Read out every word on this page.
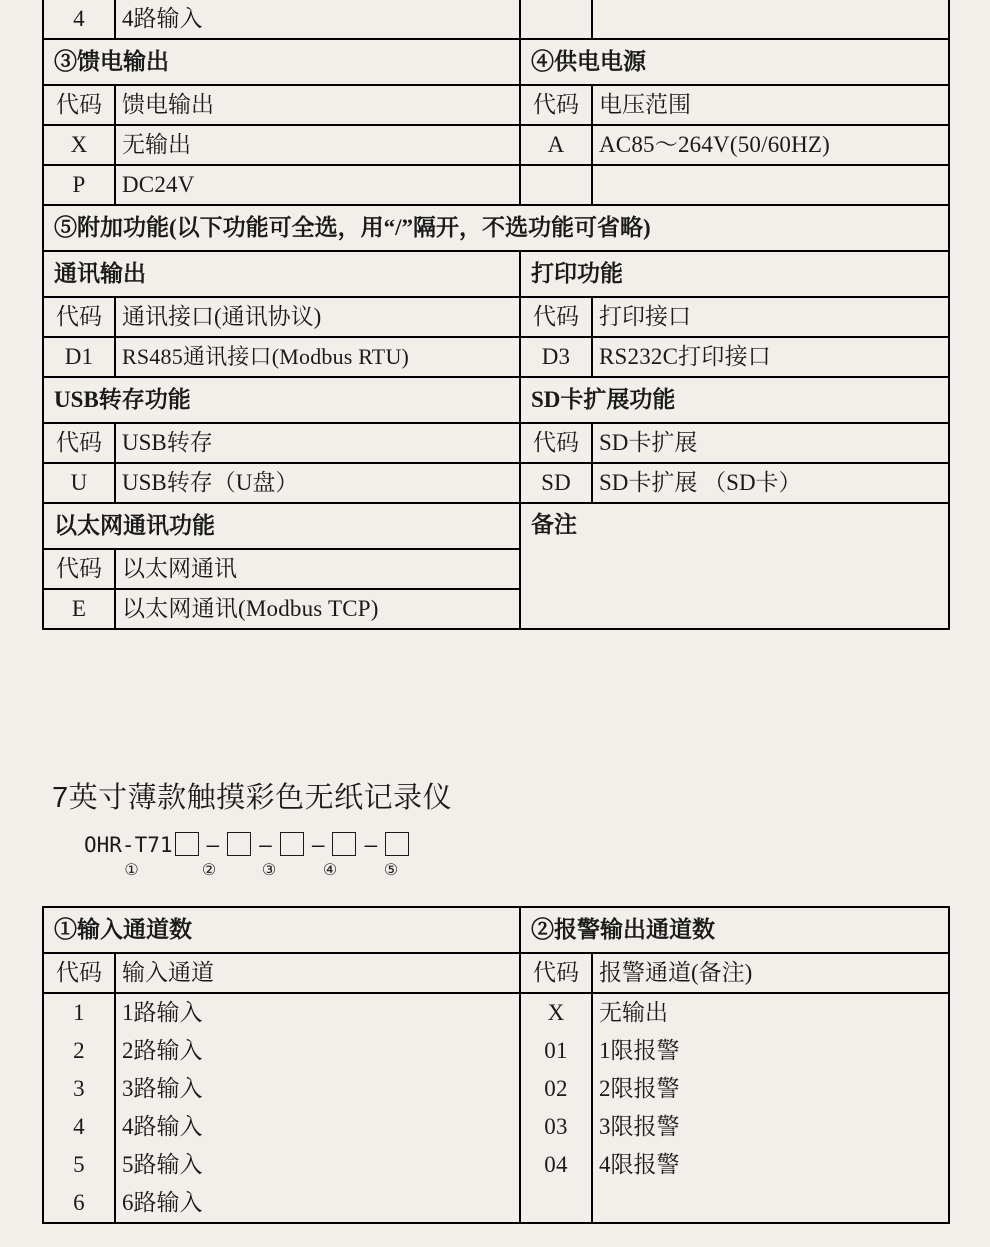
4	4路输入		
③馈电输出		④供电电源	
代码	馈电输出	代码	电压范围
X	无输出	A	AC85～264V(50/60HZ)
P	DC24V		
⑤附加功能(以下功能可全选，用“/”隔开，不选功能可省略)			
通讯输出		打印功能	
代码	通讯接口(通讯协议)	代码	打印接口
D1	RS485通讯接口(Modbus RTU)	D3	RS232C打印接口
USB转存功能		SD卡扩展功能	
代码	USB转存	代码	SD卡扩展
U	USB转存（U盘）	SD	SD卡扩展 （SD卡）
以太网通讯功能		备注	
代码	以太网通讯		
E	以太网通讯(Modbus TCP)		
7英寸薄款触摸彩色无纸记录仪
OHR-T71 – – – –
①	②	③	④	⑤
①输入通道数		②报警输出通道数	
代码	输入通道	代码	报警通道(备注)
1	1路输入	X	无输出
2	2路输入	01	1限报警
3	3路输入	02	2限报警
4	4路输入	03	3限报警
5	5路输入	04	4限报警
6	6路输入		
